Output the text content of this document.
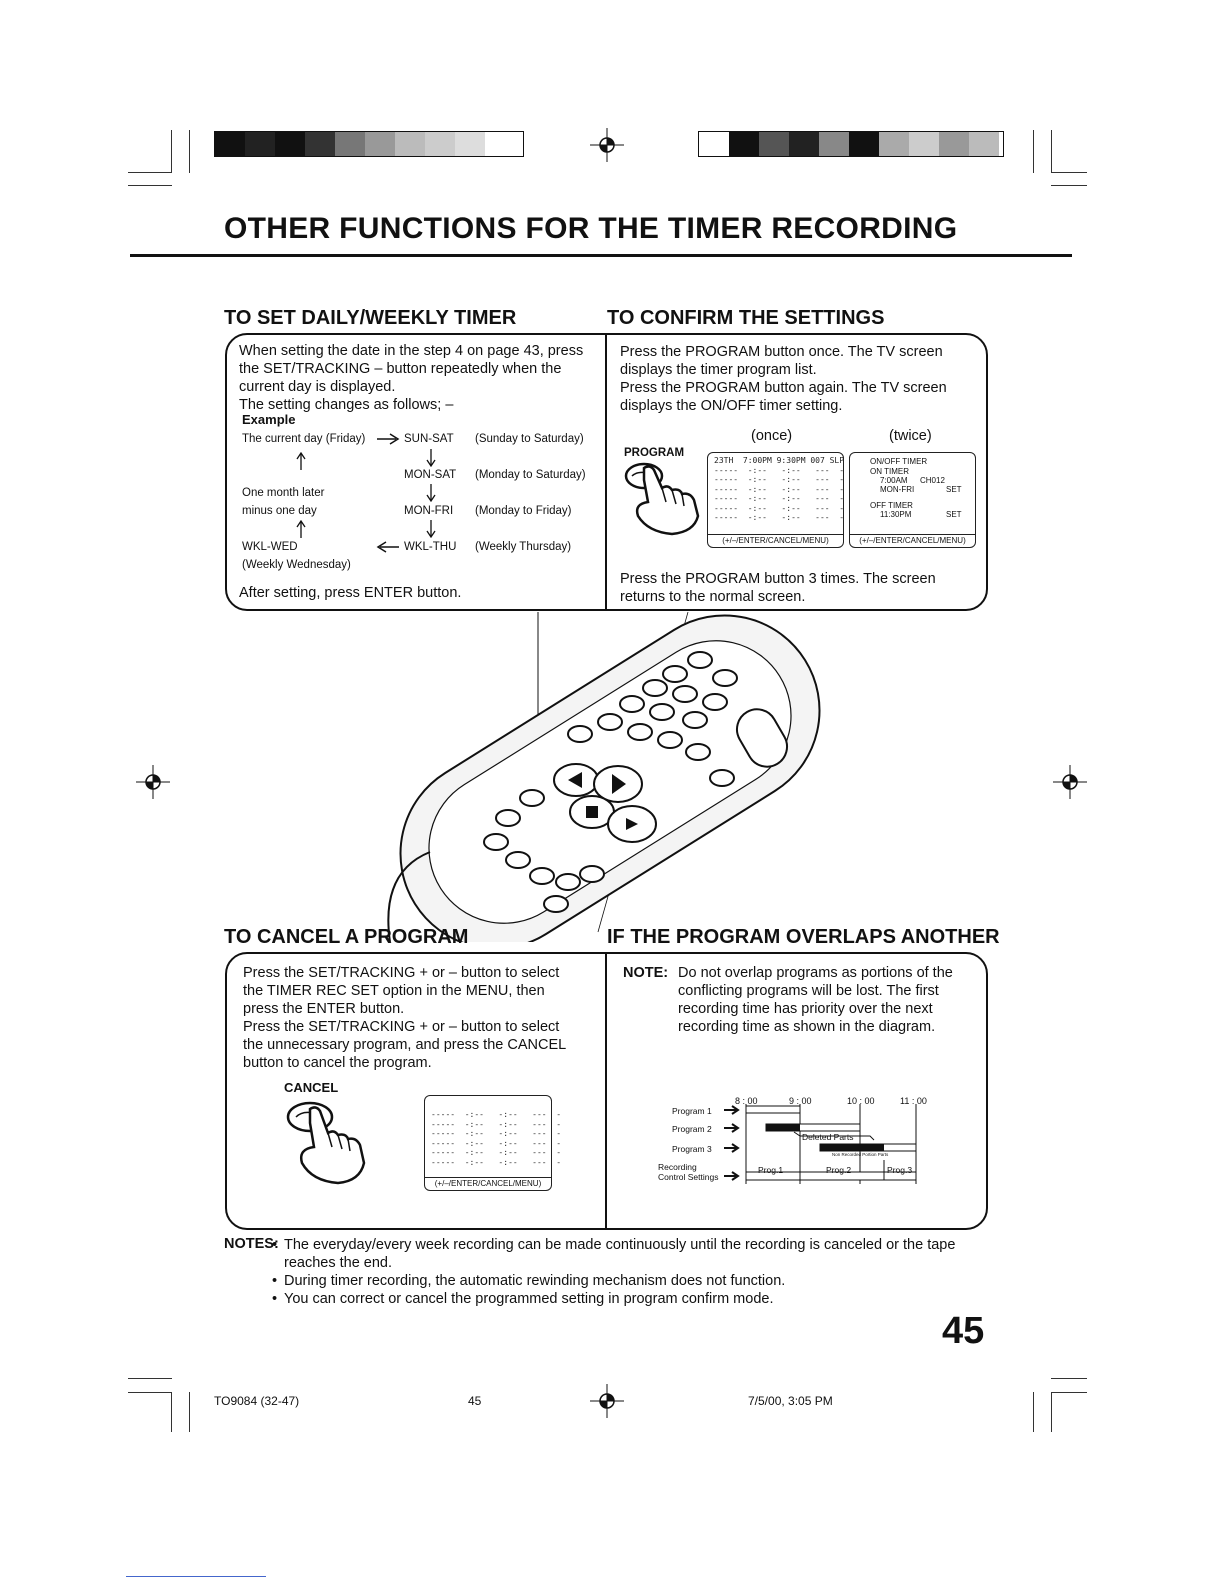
OTHER FUNCTIONS FOR THE TIMER RECORDING
TO SET DAILY/WEEKLY TIMER	TO CONFIRM THE SETTINGS
When setting the date in the step 4 on page 43, press
the SET/TRACKING – button repeatedly when the
current day is displayed.
The setting changes as follows; –
Example
The current day (Friday)	SUN-SAT (Sunday to Saturday)
MON-SAT (Monday to Saturday)
One month later
minus one day	MON-FRI (Monday to Friday)
WKL-WED	WKL-THU (Weekly Thursday)
(Weekly Wednesday)
After setting, press ENTER button.
Press the PROGRAM button once. The TV screen
displays the timer program list.
Press the PROGRAM button again. The TV screen
displays the ON/OFF timer setting.
(once)	(twice)
PROGRAM
23TH  7:00PM 9:30PM 007 SLP
-----  -:--   -:--   ---  -
-----  -:--   -:--   ---  -
-----  -:--   -:--   ---  -
-----  -:--   -:--   ---  -
-----  -:--   -:--   ---  -
-----  -:--   -:--   ---  -
(+/–/ENTER/CANCEL/MENU)
ON/OFF TIMER
ON TIMER
7:00AM CH012
MON-FRI	SET
OFF TIMER
11:30PM	SET
(+/–/ENTER/CANCEL/MENU)
Press the PROGRAM button 3 times. The screen
returns to the normal screen.
TO CANCEL A PROGRAM	IF THE PROGRAM OVERLAPS ANOTHER
Press the SET/TRACKING + or – button to select
the TIMER REC SET option in the MENU, then
press the ENTER button.
Press the SET/TRACKING + or – button to select
the unnecessary program, and press the CANCEL
button to cancel the program.
CANCEL
-----  -:--   -:--   ---  -
-----  -:--   -:--   ---  -
-----  -:--   -:--   ---  -
-----  -:--   -:--   ---  -
-----  -:--   -:--   ---  -
-----  -:--   -:--   ---  -
(+/–/ENTER/CANCEL/MENU)
NOTE: Do not overlap programs as portions of the
conflicting programs will be lost. The first
recording time has priority over the next
recording time as shown in the diagram.
8 : 00	9 : 00	10 : 00	11 : 00
Program 1
Program 2
Program 3
Recording
Control Settings
Deleted Parts
Non Recorded Portion Parts
Prog.1	Prog.2	Prog.3
NOTES:
• The everyday/every week recording can be made continuously until the recording is canceled or the tape reaches the end.
• During timer recording, the automatic rewinding mechanism does not function.
• You can correct or cancel the programmed setting in program confirm mode.
45
TO9084 (32-47)	45	7/5/00, 3:05 PM
